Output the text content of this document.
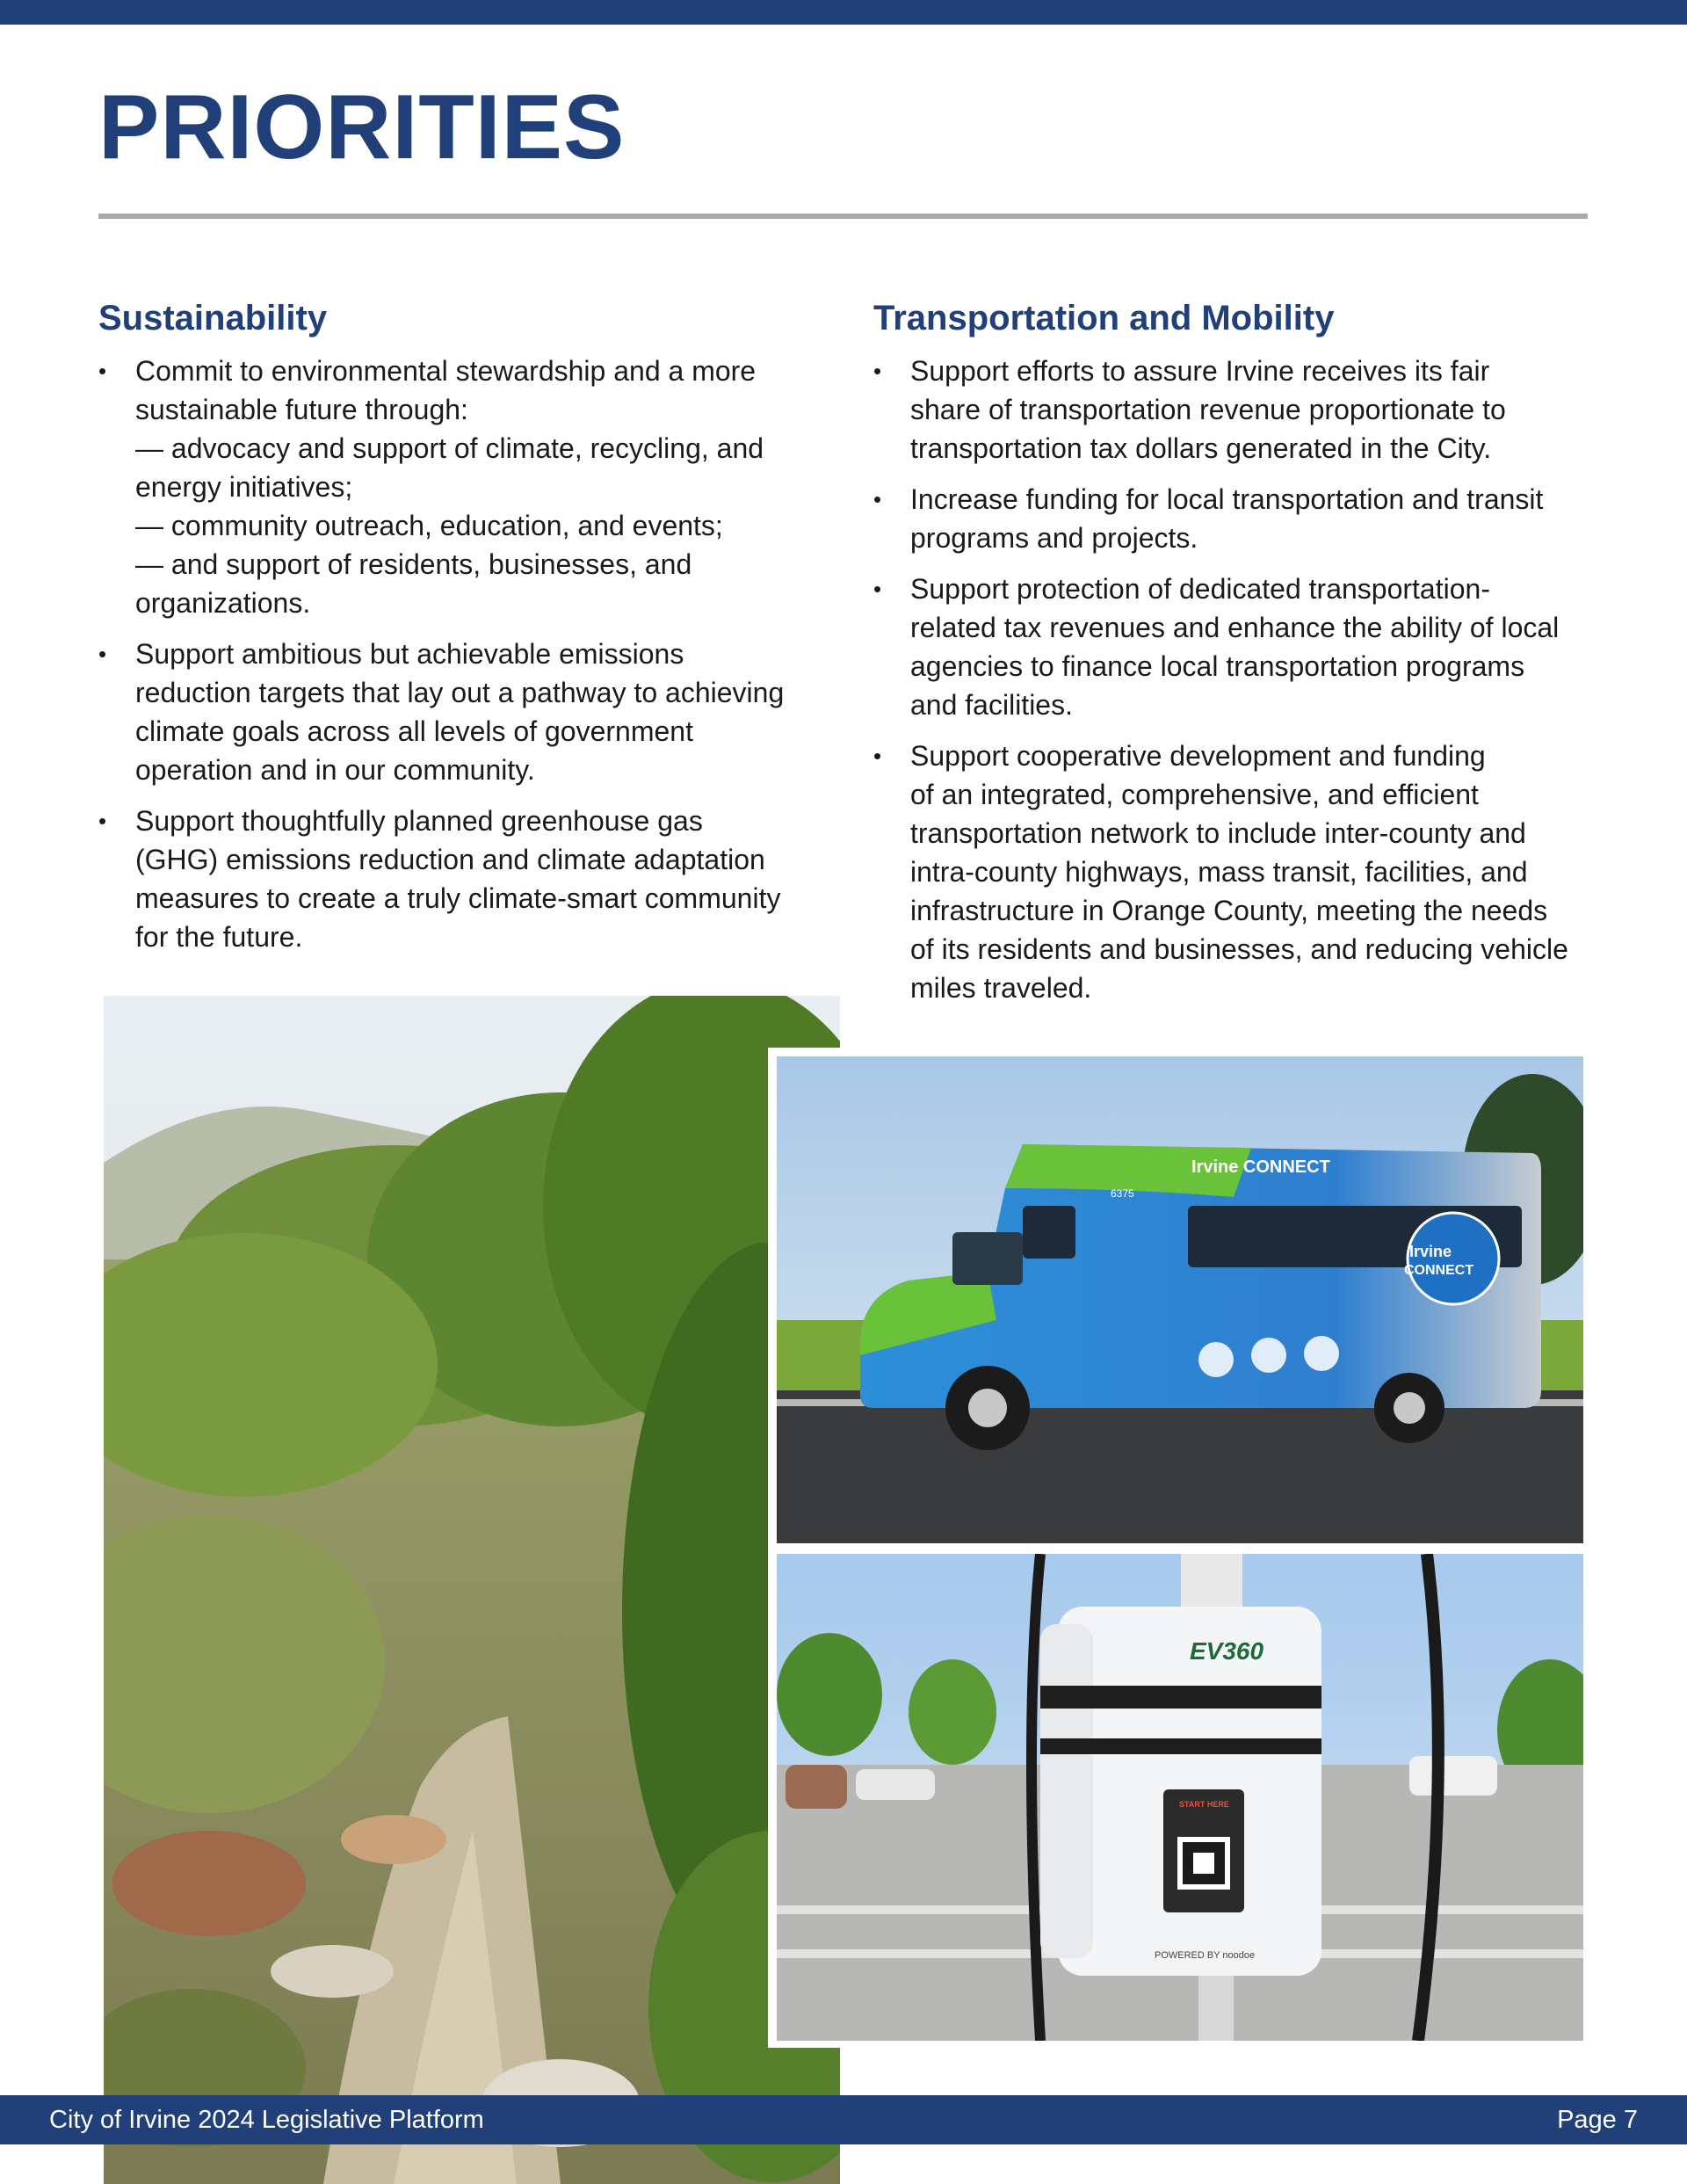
PRIORITIES
Sustainability
• Commit to environmental stewardship and a more
sustainable future through:
— advocacy and support of climate, recycling, and
energy initiatives;
— community outreach, education, and events;
— and support of residents, businesses, and
organizations.
• Support ambitious but achievable emissions
reduction targets that lay out a pathway to achieving
climate goals across all levels of government
operation and in our community.
• Support thoughtfully planned greenhouse gas
(GHG) emissions reduction and climate adaptation
measures to create a truly climate-smart community
for the future.
Transportation and Mobility
• Support efforts to assure Irvine receives its fair
share of transportation revenue proportionate to
transportation tax dollars generated in the City.
• Increase funding for local transportation and transit
programs and projects.
• Support protection of dedicated transportation-
related tax revenues and enhance the ability of local
agencies to finance local transportation programs
and facilities.
• Support cooperative development and funding
of an integrated, comprehensive, and efficient
transportation network to include inter-county and
intra-county highways, mass transit, facilities, and
infrastructure in Orange County, meeting the needs
of its residents and businesses, and reducing vehicle
miles traveled.
Irvine CONNECT
6375
Irvine
CONNECT
EV360
START HERE
POWERED BY noodoe
City of Irvine 2024 Legislative Platform	Page 7
